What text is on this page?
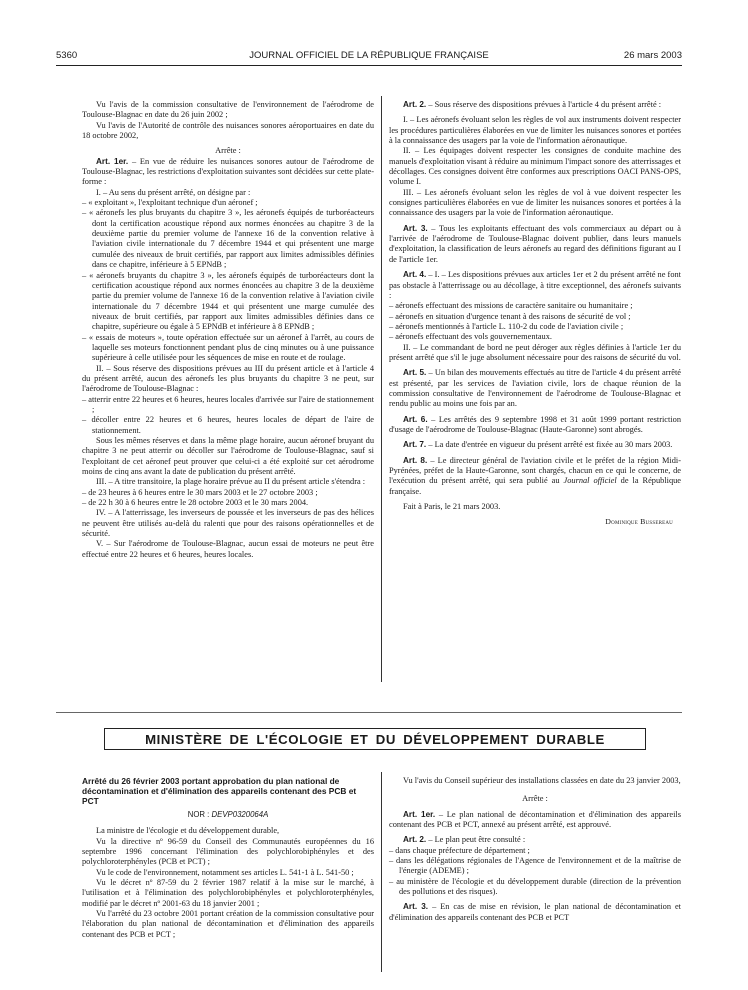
5360	JOURNAL OFFICIEL DE LA RÉPUBLIQUE FRANÇAISE	26 mars 2003

Vu l'avis de la commission consultative de l'environnement de l'aérodrome de Toulouse-Blagnac en date du 26 juin 2002 ;

Vu l'avis de l'Autorité de contrôle des nuisances sonores aéroportuaires en date du 18 octobre 2002,

Arrête :

Art. 1er. – En vue de réduire les nuisances sonores autour de l'aérodrome de Toulouse-Blagnac, les restrictions d'exploitation suivantes sont décidées sur cette plate-forme :

I. – Au sens du présent arrêté, on désigne par :

– « exploitant », l'exploitant technique d'un aéronef ;

– « aéronefs les plus bruyants du chapitre 3 », les aéronefs équipés de turboréacteurs dont la certification acoustique répond aux normes énoncées au chapitre 3 de la deuxième partie du premier volume de l'annexe 16 de la convention relative à l'aviation civile internationale du 7 décembre 1944 et qui présentent une marge cumulée des niveaux de bruit certifiés, par rapport aux limites admissibles définies dans ce chapitre, inférieure à 5 EPNdB ;

– « aéronefs bruyants du chapitre 3 », les aéronefs équipés de turboréacteurs dont la certification acoustique répond aux normes énoncées au chapitre 3 de la deuxième partie du premier volume de l'annexe 16 de la convention relative à l'aviation civile internationale du 7 décembre 1944 et qui présentent une marge cumulée des niveaux de bruit certifiés, par rapport aux limites admissibles définies dans ce chapitre, supérieure ou égale à 5 EPNdB et inférieure à 8 EPNdB ;

– « essais de moteurs », toute opération effectuée sur un aéronef à l'arrêt, au cours de laquelle ses moteurs fonctionnent pendant plus de cinq minutes ou à une puissance supérieure à celle utilisée pour les séquences de mise en route et de roulage.

II. – Sous réserve des dispositions prévues au III du présent article et à l'article 4 du présent arrêté, aucun des aéronefs les plus bruyants du chapitre 3 ne peut, sur l'aérodrome de Toulouse-Blagnac :

– atterrir entre 22 heures et 6 heures, heures locales d'arrivée sur l'aire de stationnement ;

– décoller entre 22 heures et 6 heures, heures locales de départ de l'aire de stationnement.

Sous les mêmes réserves et dans la même plage horaire, aucun aéronef bruyant du chapitre 3 ne peut atterrir ou décoller sur l'aérodrome de Toulouse-Blagnac, sauf si l'exploitant de cet aéronef peut prouver que celui-ci a été exploité sur cet aérodrome moins de cinq ans avant la date de publication du présent arrêté.

III. – A titre transitoire, la plage horaire prévue au II du présent article s'étendra :

– de 23 heures à 6 heures entre le 30 mars 2003 et le 27 octobre 2003 ;

– de 22 h 30 à 6 heures entre le 28 octobre 2003 et le 30 mars 2004.

IV. – A l'atterrissage, les inverseurs de poussée et les inverseurs de pas des hélices ne peuvent être utilisés au-delà du ralenti que pour des raisons opérationnelles et de sécurité.

V. – Sur l'aérodrome de Toulouse-Blagnac, aucun essai de moteurs ne peut être effectué entre 22 heures et 6 heures, heures locales.

Art. 2. – Sous réserve des dispositions prévues à l'article 4 du présent arrêté :

I. – Les aéronefs évoluant selon les règles de vol aux instruments doivent respecter les procédures particulières élaborées en vue de limiter les nuisances sonores et portées à la connaissance des usagers par la voie de l'information aéronautique.

II. – Les équipages doivent respecter les consignes de conduite machine des manuels d'exploitation visant à réduire au minimum l'impact sonore des atterrissages et décollages. Ces consignes doivent être conformes aux prescriptions OACI PANS-OPS, volume I.

III. – Les aéronefs évoluant selon les règles de vol à vue doivent respecter les consignes particulières élaborées en vue de limiter les nuisances sonores et portées à la connaissance des usagers par la voie de l'information aéronautique.

Art. 3. – Tous les exploitants effectuant des vols commerciaux au départ ou à l'arrivée de l'aérodrome de Toulouse-Blagnac doivent publier, dans leurs manuels d'exploitation, la classification de leurs aéronefs au regard des définitions figurant au I de l'article 1er.

Art. 4. – I. – Les dispositions prévues aux articles 1er et 2 du présent arrêté ne font pas obstacle à l'atterrissage ou au décollage, à titre exceptionnel, des aéronefs suivants :

– aéronefs effectuant des missions de caractère sanitaire ou humanitaire ;

– aéronefs en situation d'urgence tenant à des raisons de sécurité de vol ;

– aéronefs mentionnés à l'article L. 110-2 du code de l'aviation civile ;

– aéronefs effectuant des vols gouvernementaux.

II. – Le commandant de bord ne peut déroger aux règles définies à l'article 1er du présent arrêté que s'il le juge absolument nécessaire pour des raisons de sécurité du vol.

Art. 5. – Un bilan des mouvements effectués au titre de l'article 4 du présent arrêté est présenté, par les services de l'aviation civile, lors de chaque réunion de la commission consultative de l'environnement de l'aérodrome de Toulouse-Blagnac et rendu public au moins une fois par an.

Art. 6. – Les arrêtés des 9 septembre 1998 et 31 août 1999 portant restriction d'usage de l'aérodrome de Toulouse-Blagnac (Haute-Garonne) sont abrogés.

Art. 7. – La date d'entrée en vigueur du présent arrêté est fixée au 30 mars 2003.

Art. 8. – Le directeur général de l'aviation civile et le préfet de la région Midi-Pyrénées, préfet de la Haute-Garonne, sont chargés, chacun en ce qui le concerne, de l'exécution du présent arrêté, qui sera publié au Journal officiel de la République française.

Fait à Paris, le 21 mars 2003.

Dominique Bussereau

MINISTÈRE DE L'ÉCOLOGIE ET DU DÉVELOPPEMENT DURABLE

Arrêté du 26 février 2003 portant approbation du plan national de décontamination et d'élimination des appareils contenant des PCB et PCT

NOR : DEVP0320064A

La ministre de l'écologie et du développement durable,

Vu la directive nº 96-59 du Conseil des Communautés européennes du 16 septembre 1996 concernant l'élimination des polychlorobiphényles et des polychloroterphényles (PCB et PCT) ;

Vu le code de l'environnement, notamment ses articles L. 541-1 à L. 541-50 ;

Vu le décret nº 87-59 du 2 février 1987 relatif à la mise sur le marché, à l'utilisation et à l'élimination des polychlorobiphényles et polychloroterphényles, modifié par le décret nº 2001-63 du 18 janvier 2001 ;

Vu l'arrêté du 23 octobre 2001 portant création de la commission consultative pour l'élaboration du plan national de décontamination et d'élimination des appareils contenant des PCB et PCT ;

Vu l'avis du Conseil supérieur des installations classées en date du 23 janvier 2003,

Arrête :

Art. 1er. – Le plan national de décontamination et d'élimination des appareils contenant des PCB et PCT, annexé au présent arrêté, est approuvé.

Art. 2. – Le plan peut être consulté :

– dans chaque préfecture de département ;

– dans les délégations régionales de l'Agence de l'environnement et de la maîtrise de l'énergie (ADEME) ;

– au ministère de l'écologie et du développement durable (direction de la prévention des pollutions et des risques).

Art. 3. – En cas de mise en révision, le plan national de décontamination et d'élimination des appareils contenant des PCB et PCT
